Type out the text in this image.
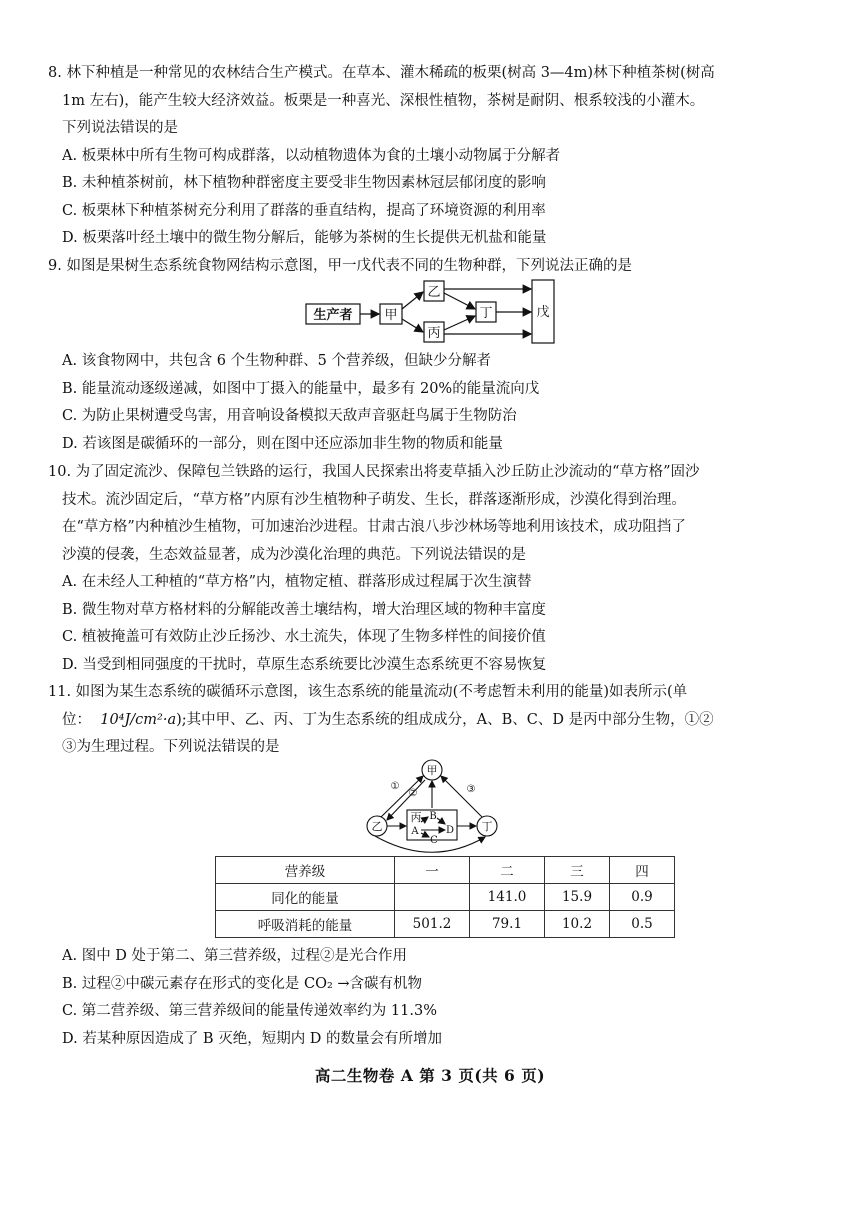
8. 林下种植是一种常见的农林结合生产模式。在草本、灌木稀疏的板栗(树高 3—4m)林下种植茶树(树高

1m 左右)，能产生较大经济效益。板栗是一种喜光、深根性植物，茶树是耐阴、根系较浅的小灌木。

下列说法错误的是

A. 板栗林中所有生物可构成群落，以动植物遗体为食的土壤小动物属于分解者

B. 未种植茶树前，林下植物种群密度主要受非生物因素林冠层郁闭度的影响

C. 板栗林下种植茶树充分利用了群落的垂直结构，提高了环境资源的利用率

D. 板栗落叶经土壤中的微生物分解后，能够为茶树的生长提供无机盐和能量

9. 如图是果树生态系统食物网结构示意图，甲一戊代表不同的生物种群，下列说法正确的是

生产者 甲
乙
丙
丁	戊

A. 该食物网中，共包含 6 个生物种群、5 个营养级，但缺少分解者

B. 能量流动逐级递减，如图中丁摄入的能量中，最多有 20%的能量流向戊

C. 为防止果树遭受鸟害，用音响设备模拟天敌声音驱赶鸟属于生物防治

D. 若该图是碳循环的一部分，则在图中还应添加非生物的物质和能量

10. 为了固定流沙、保障包兰铁路的运行，我国人民探索出将麦草插入沙丘防止沙流动的“草方格”固沙

技术。流沙固定后，“草方格”内原有沙生植物种子萌发、生长，群落逐渐形成，沙漠化得到治理。

在“草方格”内种植沙生植物，可加速治沙进程。甘肃古浪八步沙林场等地利用该技术，成功阻挡了

沙漠的侵袭，生态效益显著，成为沙漠化治理的典范。下列说法错误的是

A. 在未经人工种植的“草方格”内，植物定植、群落形成过程属于次生演替

B. 微生物对草方格材料的分解能改善土壤结构，增大治理区域的物种丰富度

C. 植被掩盖可有效防止沙丘扬沙、水土流失，体现了生物多样性的间接价值

D. 当受到相同强度的干扰时，草原生态系统要比沙漠生态系统更不容易恢复

11. 如图为某生态系统的碳循环示意图，该生态系统的能量流动(不考虑暂未利用的能量)如表所示(单

位： 10⁴J/cm²·a);其中甲、乙、丙、丁为生态系统的组成成分，A、B、C、D 是丙中部分生物，①②

③为生理过程。下列说法错误的是

甲
乙	丁
丙 B
A	D
C
①
②	③
营养级	一	二	三	四
同化的能量		141.0	15.9	0.9
呼吸消耗的能量	501.2	79.1	10.2	0.5

A. 图中 D 处于第二、第三营养级，过程②是光合作用

B. 过程②中碳元素存在形式的变化是 CO₂ →含碳有机物

C. 第二营养级、第三营养级间的能量传递效率约为 11.3%

D. 若某种原因造成了 B 灭绝，短期内 D 的数量会有所增加

高二生物卷 A 第 3 页(共 6 页)
